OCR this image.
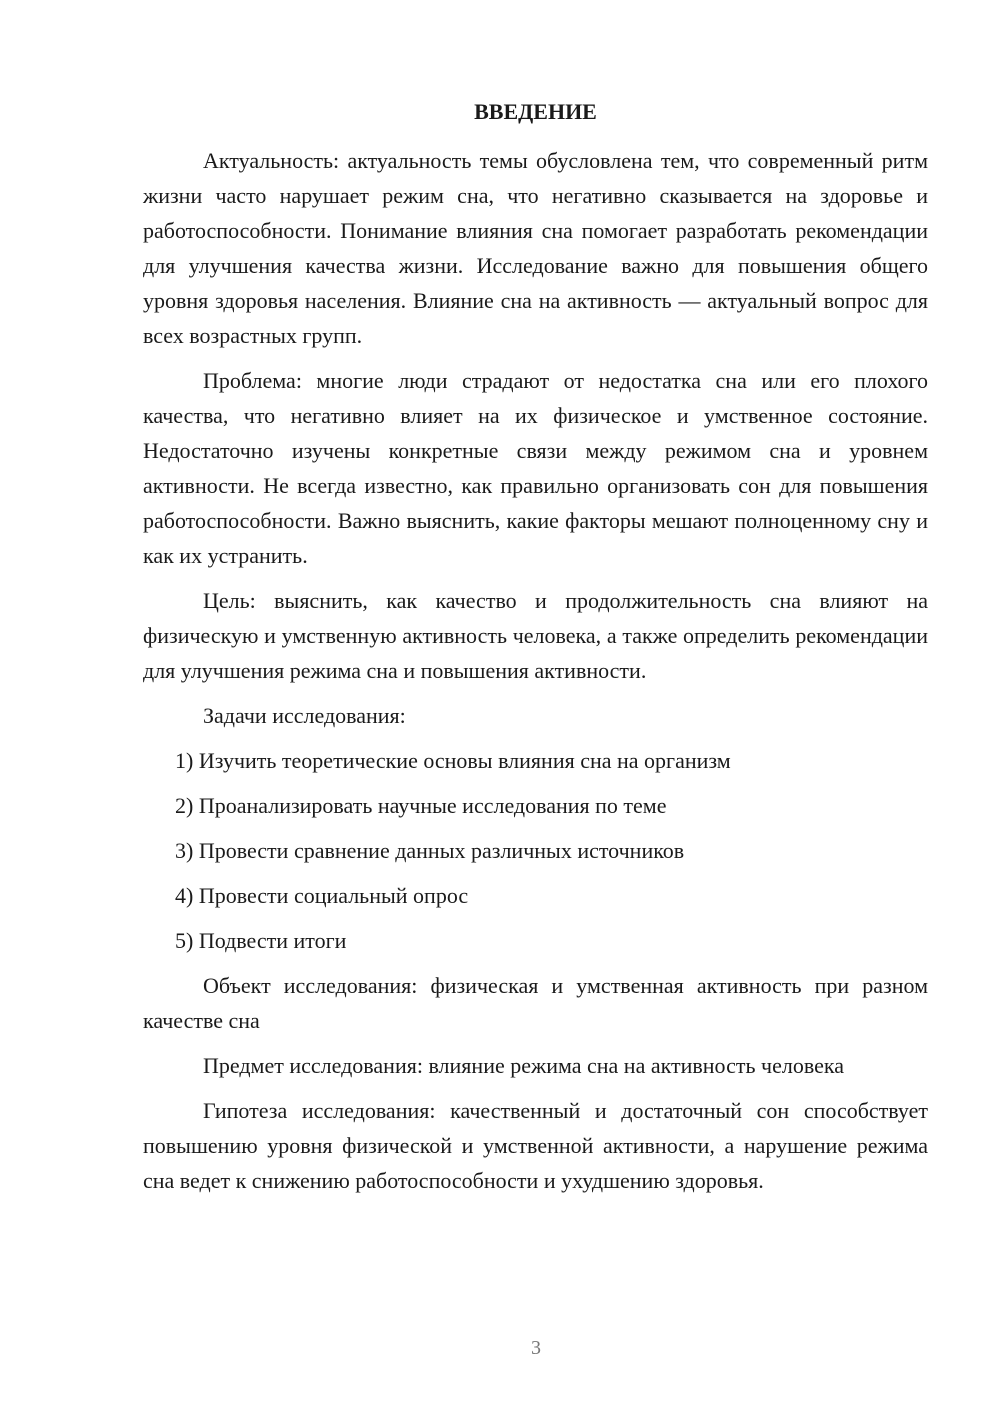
ВВЕДЕНИЕ

Актуальность: актуальность темы обусловлена тем, что современный ритм жизни часто нарушает режим сна, что негативно сказывается на здоровье и работоспособности. Понимание влияния сна помогает разработать рекомендации для улучшения качества жизни. Исследование важно для повышения общего уровня здоровья населения. Влияние сна на активность — актуальный вопрос для всех возрастных групп.

Проблема: многие люди страдают от недостатка сна или его плохого качества, что негативно влияет на их физическое и умственное состояние. Недостаточно изучены конкретные связи между режимом сна и уровнем активности. Не всегда известно, как правильно организовать сон для повышения работоспособности. Важно выяснить, какие факторы мешают полноценному сну и как их устранить.

Цель: выяснить, как качество и продолжительность сна влияют на физическую и умственную активность человека, а также определить рекомендации для улучшения режима сна и повышения активности.

Задачи исследования:

1) Изучить теоретические основы влияния сна на организм

2) Проанализировать научные исследования по теме

3) Провести сравнение данных различных источников

4) Провести социальный опрос

5) Подвести итоги

Объект исследования: физическая и умственная активность при разном качестве сна

Предмет исследования: влияние режима сна на активность человека

Гипотеза исследования: качественный и достаточный сон способствует повышению уровня физической и умственной активности, а нарушение режима сна ведет к снижению работоспособности и ухудшению здоровья.

3
